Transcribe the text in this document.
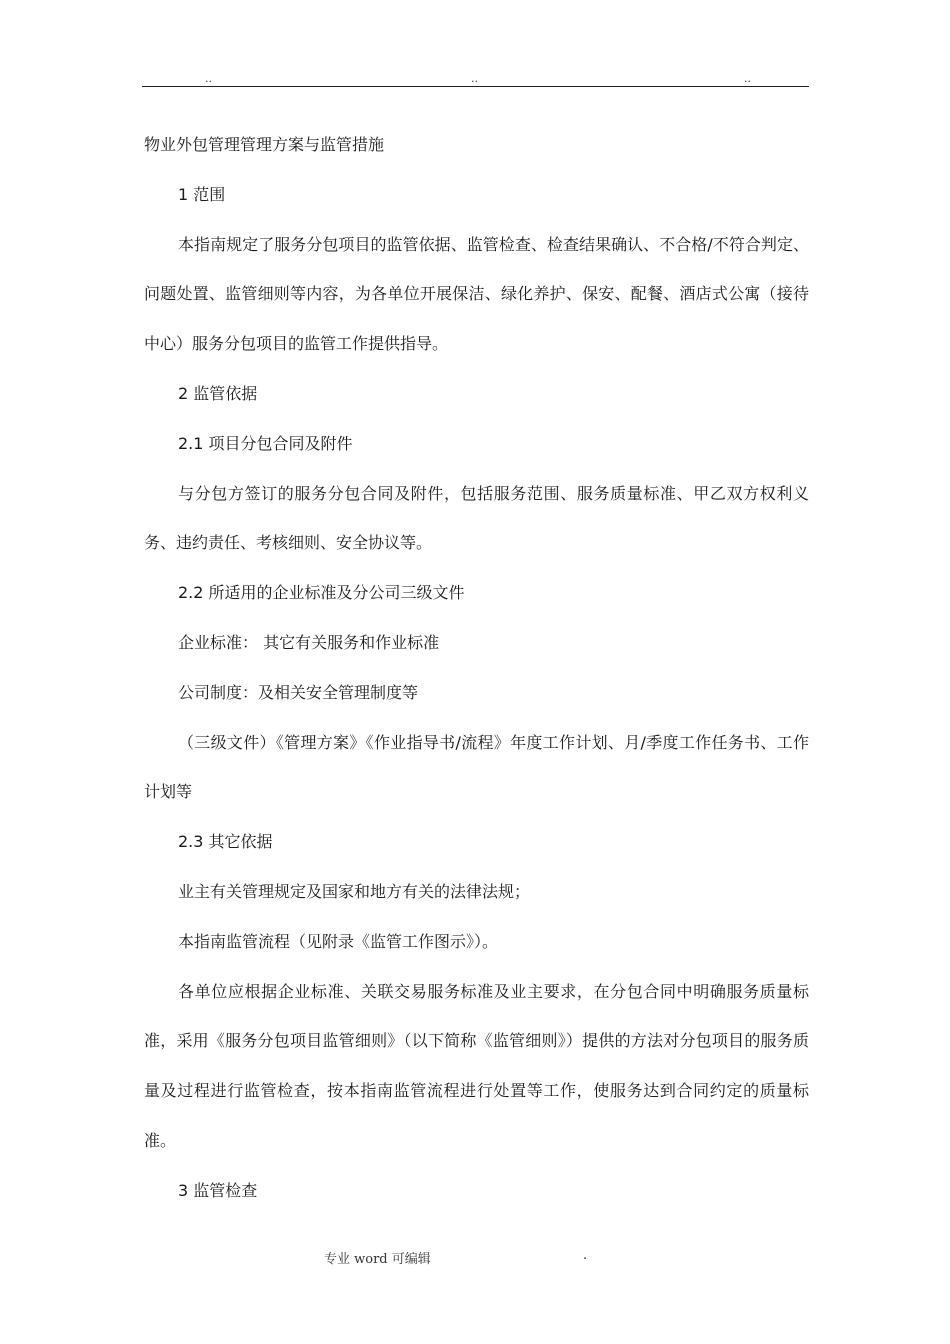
..	..	..

物业外包管理管理方案与监管措施

1 范围

本指南规定了服务分包项目的监管依据、监管检查、检查结果确认、不合格/不符合判定、问题处置、监管细则等内容，为各单位开展保洁、绿化养护、保安、配餐、酒店式公寓（接待中心）服务分包项目的监管工作提供指导。

2 监管依据

2.1 项目分包合同及附件

与分包方签订的服务分包合同及附件，包括服务范围、服务质量标准、甲乙双方权利义务、违约责任、考核细则、安全协议等。

2.2 所适用的企业标准及分公司三级文件

企业标准： 其它有关服务和作业标准

公司制度：及相关安全管理制度等

（三级文件）《管理方案》《作业指导书/流程》年度工作计划、月/季度工作任务书、工作计划等

2.3 其它依据

业主有关管理规定及国家和地方有关的法律法规；

本指南监管流程（见附录《监管工作图示》）。

各单位应根据企业标准、关联交易服务标准及业主要求，在分包合同中明确服务质量标准，采用《服务分包项目监管细则》（以下简称《监管细则》）提供的方法对分包项目的服务质量及过程进行监管检查，按本指南监管流程进行处置等工作，使服务达到合同约定的质量标准。

3 监管检查

专业 word 可编辑	.
